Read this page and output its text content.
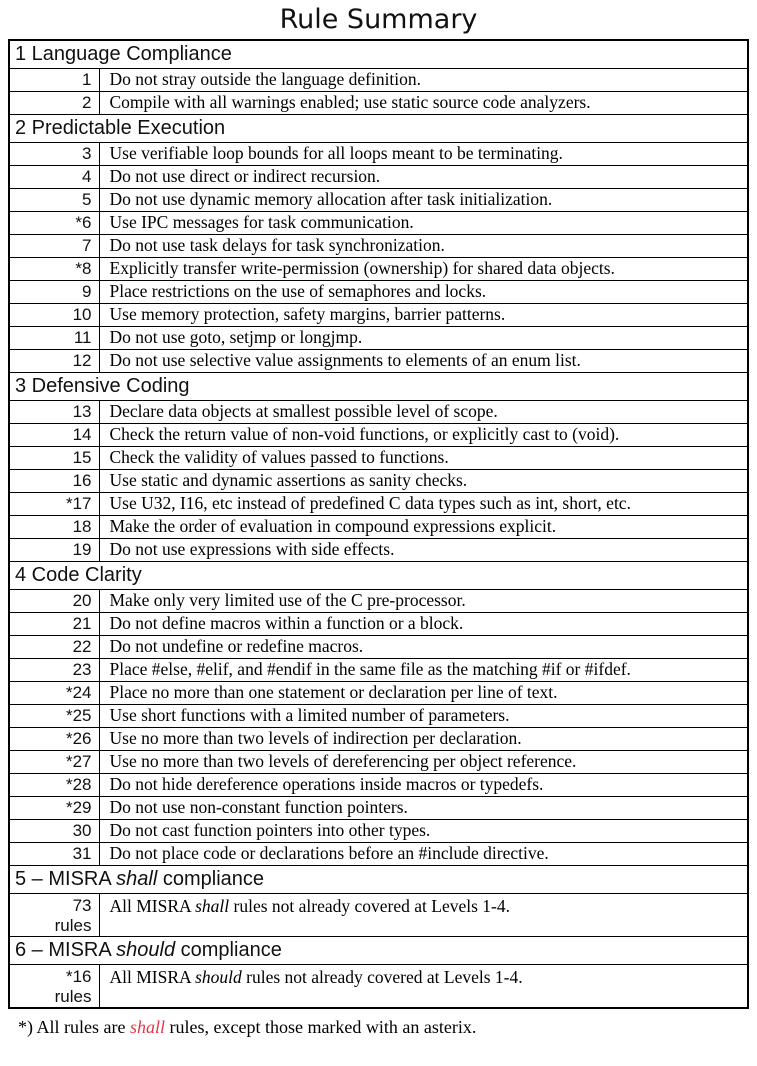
Rule Summary
1 Language Compliance	

1	Do not stray outside the language definition.

2	Compile with all warnings enabled; use static source code analyzers.
2 Predictable Execution	

3	Use verifiable loop bounds for all loops meant to be terminating.

4	Do not use direct or indirect recursion.

5	Do not use dynamic memory allocation after task initialization.

*6	Use IPC messages for task communication.

7	Do not use task delays for task synchronization.

*8	Explicitly transfer write-permission (ownership) for shared data objects.

9	Place restrictions on the use of semaphores and locks.

10	Use memory protection, safety margins, barrier patterns.

11	Do not use goto, setjmp or longjmp.

12	Do not use selective value assignments to elements of an enum list.
3 Defensive Coding	

13	Declare data objects at smallest possible level of scope.

14	Check the return value of non-void functions, or explicitly cast to (void).

15	Check the validity of values passed to functions.

16	Use static and dynamic assertions as sanity checks.

*17	Use U32, I16, etc instead of predefined C data types such as int, short, etc.

18	Make the order of evaluation in compound expressions explicit.

19	Do not use expressions with side effects.
4 Code Clarity	

20	Make only very limited use of the C pre-processor.

21	Do not define macros within a function or a block.

22	Do not undefine or redefine macros.

23	Place #else, #elif, and #endif in the same file as the matching #if or #ifdef.

*24	Place no more than one statement or declaration per line of text.

*25	Use short functions with a limited number of parameters.

*26	Use no more than two levels of indirection per declaration.

*27	Use no more than two levels of dereferencing per object reference.

*28	Do not hide dereference operations inside macros or typedefs.

*29	Do not use non-constant function pointers.

30	Do not cast function pointers into other types.

31	Do not place code or declarations before an #include directive.
5 – MISRA shall compliance	

73
rules	All MISRA shall rules not already covered at Levels 1-4.
6 – MISRA should compliance	

*16
rules	All MISRA should rules not already covered at Levels 1-4.
*) All rules are shall rules, except those marked with an asterix.
